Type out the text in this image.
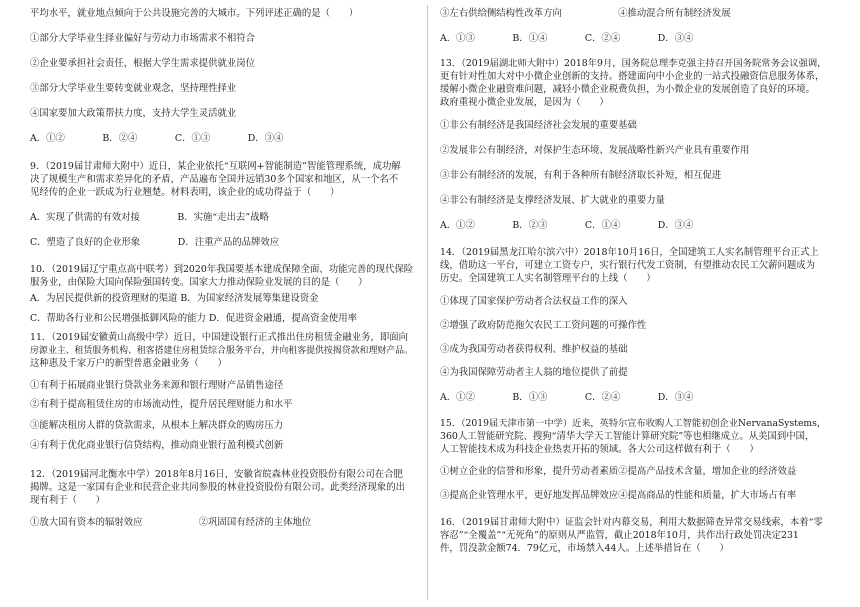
平均水平，就业地点倾向于公共设施完善的大城市。下列评述正确的是（　　）
①部分大学毕业生择业偏好与劳动力市场需求不相符合
②企业要承担社会责任，根据大学生需求提供就业岗位
③部分大学毕业生要转变就业观念，坚持理性择业
④国家要加大政策帮扶力度，支持大学生灵活就业
A．①②　　　　B．②④　　　　C．①③　　　　D．③④
9．（2019届甘肃师大附中）近日，某企业依托“互联网+智能制造”智能管理系统，成功解
决了规模生产和需求差异化的矛盾，产品遍布全国并远销30多个国家和地区，从一个名不
见经传的企业一跃成为行业翘楚。材料表明，该企业的成功得益于（　　）
A．实现了供需的有效对接　　　　B．实施“走出去”战略
C．塑造了良好的企业形象　　　　D．注重产品的品牌效应
10．（2019届辽宁重点高中联考）到2020年我国要基本建成保障全面、功能完善的现代保险
服务业，由保险大国向保险强国转变。国家大力推动保险业发展的目的是（　　）
A．为居民提供新的投资理财的渠道 B．为国家经济发展筹集建设资金
C．帮助各行业和公民增强抵御风险的能力 D．促进资金融通，提高资金使用率
11．（2019届安徽黄山高级中学）近日，中国建设银行正式推出住房租赁金融业务，即面向
房源业主、租赁服务机构、租客搭建住房租赁综合服务平台，并向租客提供按揭贷款和理财产品。
这种惠及千家万户的新型普惠金融业务（　　）
①有利于拓展商业银行贷款业务来源和银行理财产品销售途径
②有利于提高租赁住房的市场流动性，提升居民理财能力和水平
③能解决租房人群的贷款需求，从根本上解决群众的购房压力
④有利于优化商业银行信贷结构，推动商业银行盈利模式创新
12．（2019届河北衡水中学）2018年8月16日，安徽省皖森林业投资股份有限公司在合肥
揭牌。这是一家国有企业和民营企业共同参股的林业投资股份有限公司。此类经济现象的出
现有利于（　　）
①放大国有资本的辐射效应　　　　　　②巩固国有经济的主体地位
③左右供给侧结构性改革方向　　　　　　④推动混合所有制经济发展
A．①③　　　　B．①④　　　　C．②④　　　　D．③④
13．（2019届湖北师大附中）2018年9月，国务院总理李克强主持召开国务院常务会议强调，
更有针对性加大对中小微企业创新的支持。搭建面向中小企业的一站式投融资信息服务体系，
缓解小微企业融资难问题，减轻小微企业税费负担，为小微企业的发展创造了良好的环境。
政府重视小微企业发展，是因为（　　）
①非公有制经济是我国经济社会发展的重要基础
②发展非公有制经济，对保护生态环境、发展战略性新兴产业具有重要作用
③非公有制经济的发展，有利于各种所有制经济取长补短，相互促进
④非公有制经济是支撑经济发展、扩大就业的重要力量
A．①②　　　　B．②③　　　　C．①④　　　　D．③④
14．（2019届黑龙江哈尔滨六中）2018年10月16日，全国建筑工人实名制管理平台正式上
线，借助这一平台，可建立工资专户，实行银行代发工资制，有望推动农民工欠薪问题成为
历史。全国建筑工人实名制管理平台的上线（　　）
①体现了国家保护劳动者合法权益工作的深入
②增强了政府防范拖欠农民工工资问题的可操作性
③成为我国劳动者获得权利、维护权益的基础
④为我国保障劳动者主人翁的地位提供了前提
A．①②　　　　B．①③　　　　C．②④　　　　D．③④
15．（2019届天津市第一中学）近来，英特尔宣布收购人工智能初创企业NervanaSystems，
360人工智能研究院、搜狗“清华大学天工智能计算研究院”等也相继成立。从美国到中国，
人工智能技术成为科技企业热衷开拓的领域。各大公司这样做有利于（　　）
①树立企业的信誉和形象，提升劳动者素质②提高产品技术含量，增加企业的经济效益
③提高企业管理水平，更好地发挥品牌效应④提高商品的性能和质量，扩大市场占有率
16．（2019届甘肃师大附中）证监会针对内幕交易，利用大数据筛查异常交易线索，本着“零
容忍”“全覆盖”“无死角”的原则从严监管，截止2018年10月，共作出行政处罚决定231
件，罚没款金额74．79亿元，市场禁入44人。上述举措旨在（　　）
